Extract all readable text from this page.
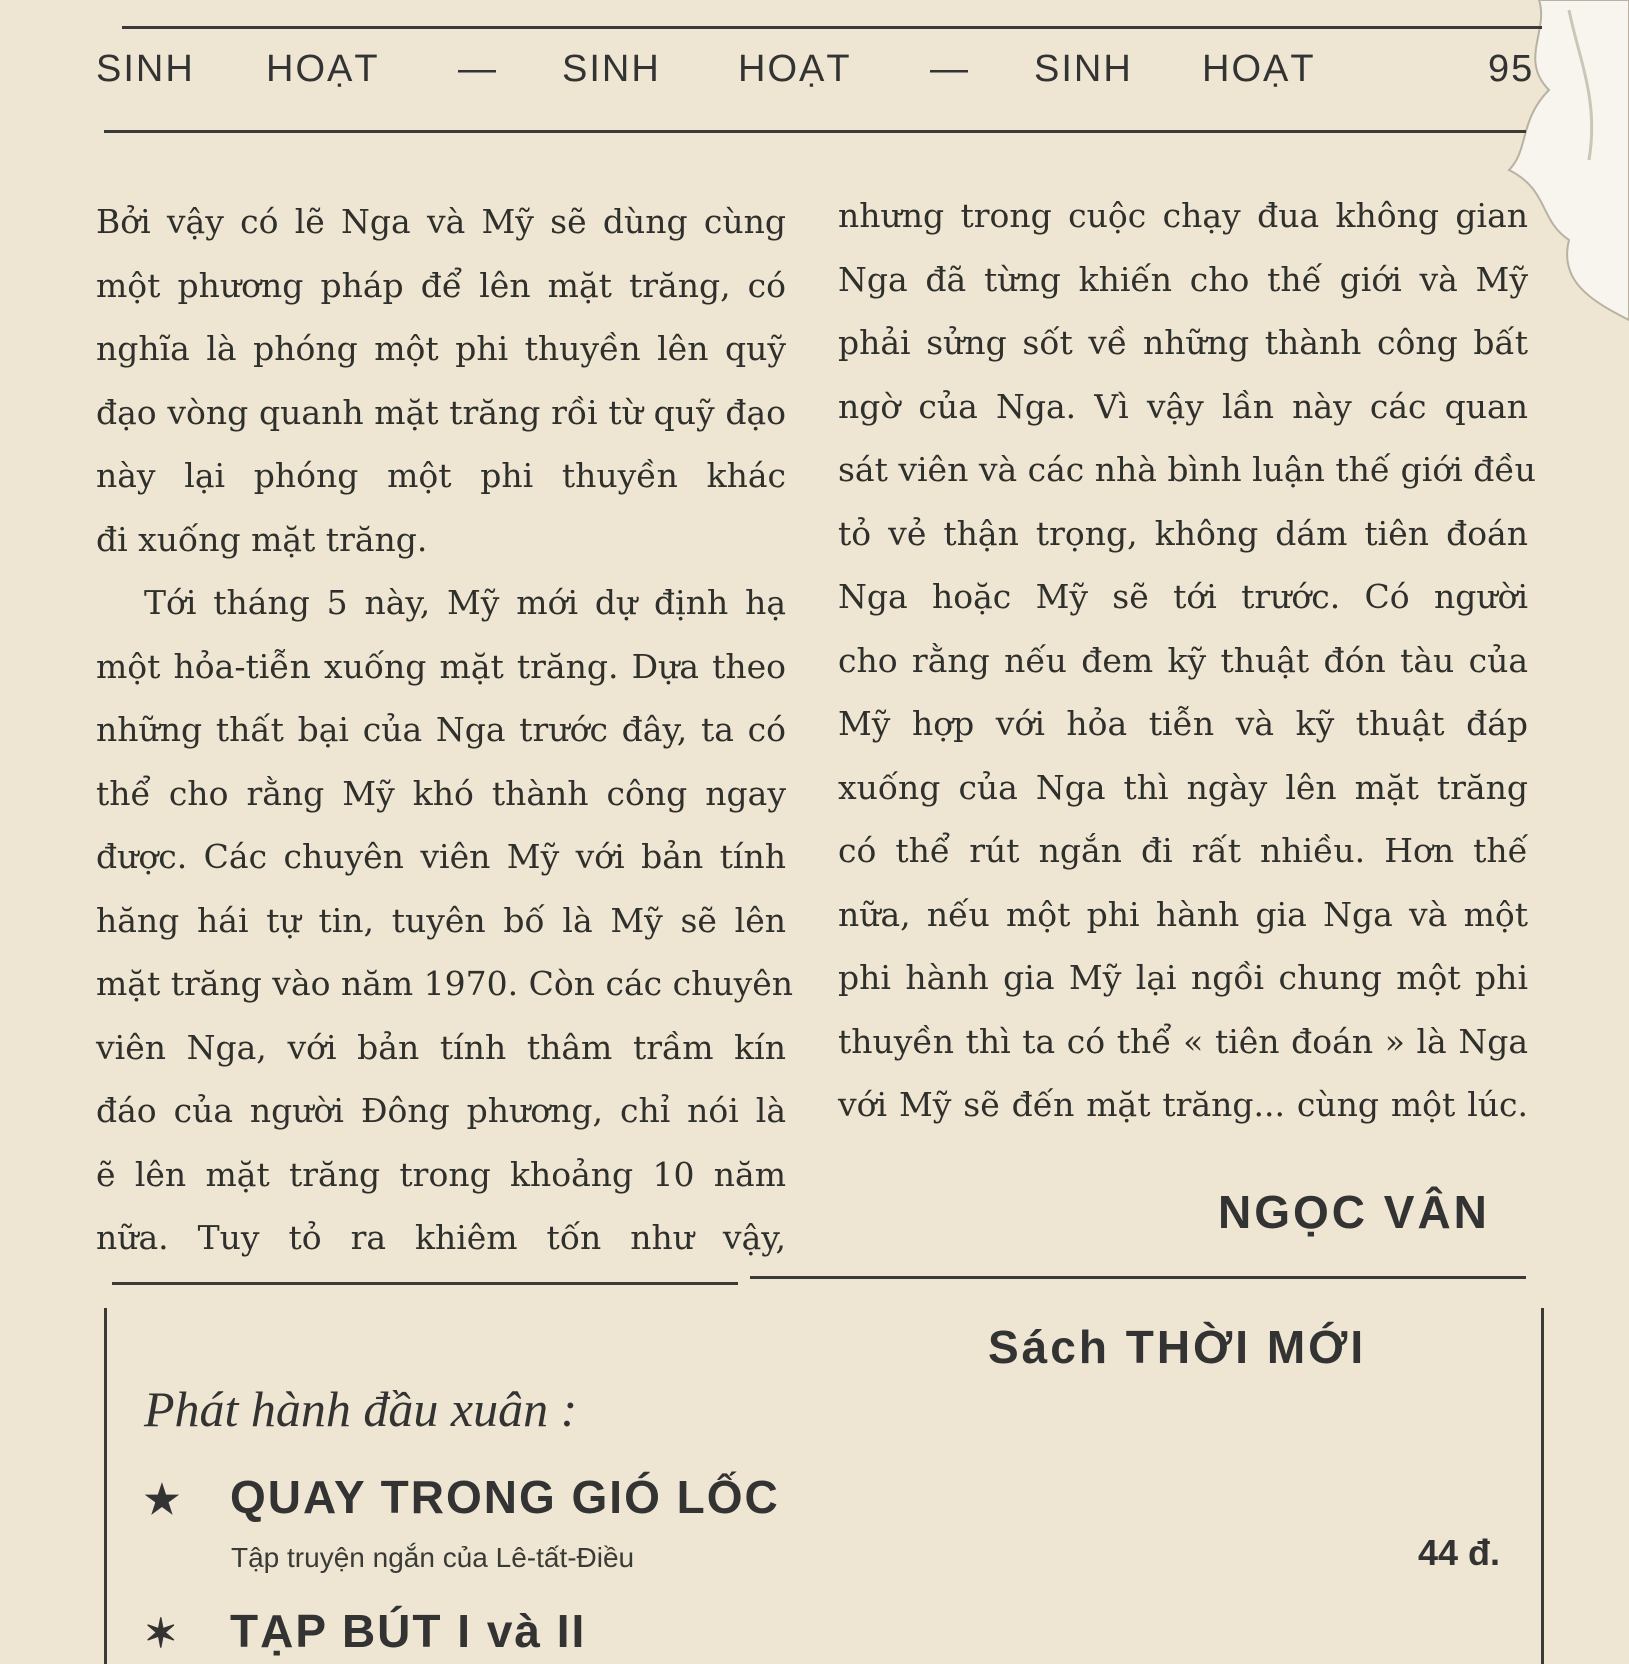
SINH HOẠT — SINH HOẠT — SINH HOẠT	95
Bởi vậy có lẽ Nga và Mỹ sẽ dùng cùng
một phương pháp để lên mặt trăng, có
nghĩa là phóng một phi thuyền lên quỹ
đạo vòng quanh mặt trăng rồi từ quỹ đạo
này lại phóng một phi thuyền khác
đi xuống mặt trăng.
Tới tháng 5 này, Mỹ mới dự định hạ
một hỏa-tiễn xuống mặt trăng. Dựa theo
những thất bại của Nga trước đây, ta có
thể cho rằng Mỹ khó thành công ngay
được. Các chuyên viên Mỹ với bản tính
hăng hái tự tin, tuyên bố là Mỹ sẽ lên
mặt trăng vào năm 1970. Còn các chuyên
viên Nga, với bản tính thâm trầm kín
đáo của người Đông phương, chỉ nói là
ẽ lên mặt trăng trong khoảng 10 năm
nữa. Tuy tỏ ra khiêm tốn như vậy,
nhưng trong cuộc chạy đua không gian
Nga đã từng khiến cho thế giới và Mỹ
phải sửng sốt về những thành công bất
ngờ của Nga. Vì vậy lần này các quan
sát viên và các nhà bình luận thế giới đều
tỏ vẻ thận trọng, không dám tiên đoán
Nga hoặc Mỹ sẽ tới trước. Có người
cho rằng nếu đem kỹ thuật đón tàu của
Mỹ hợp với hỏa tiễn và kỹ thuật đáp
xuống của Nga thì ngày lên mặt trăng
có thể rút ngắn đi rất nhiều. Hơn thế
nữa, nếu một phi hành gia Nga và một
phi hành gia Mỹ lại ngồi chung một phi
thuyền thì ta có thể « tiên đoán » là Nga
với Mỹ sẽ đến mặt trăng... cùng một lúc.
NGỌC VÂN
Sách THỜI MỚI
Phát hành đầu xuân :
★ QUAY TRONG GIÓ LỐC
Tập truyện ngắn của Lê-tất-Điều	44 đ.
✶ TẠP BÚT I và II
